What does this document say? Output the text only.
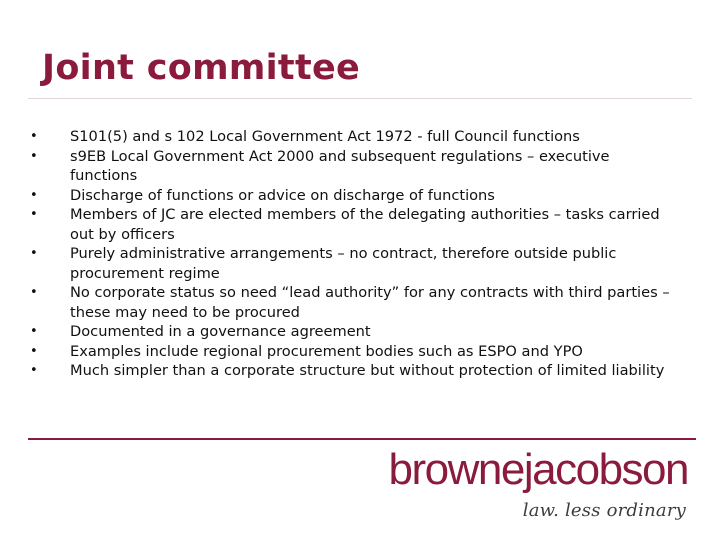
Joint committee
• S101(5) and s 102 Local Government Act 1972 - full Council functions
• s9EB Local Government Act 2000 and subsequent regulations – executive functions
• Discharge of functions or advice on discharge of functions
• Members of JC are elected members of the delegating authorities – tasks carried out by officers
• Purely administrative arrangements – no contract, therefore outside public procurement regime
• No corporate status so need “lead authority” for any contracts with third parties – these may need to be procured
• Documented in a governance agreement
• Examples include regional procurement bodies such as ESPO and YPO
• Much simpler than a corporate structure but without protection of limited liability
brownejacobson
law. less ordinary
